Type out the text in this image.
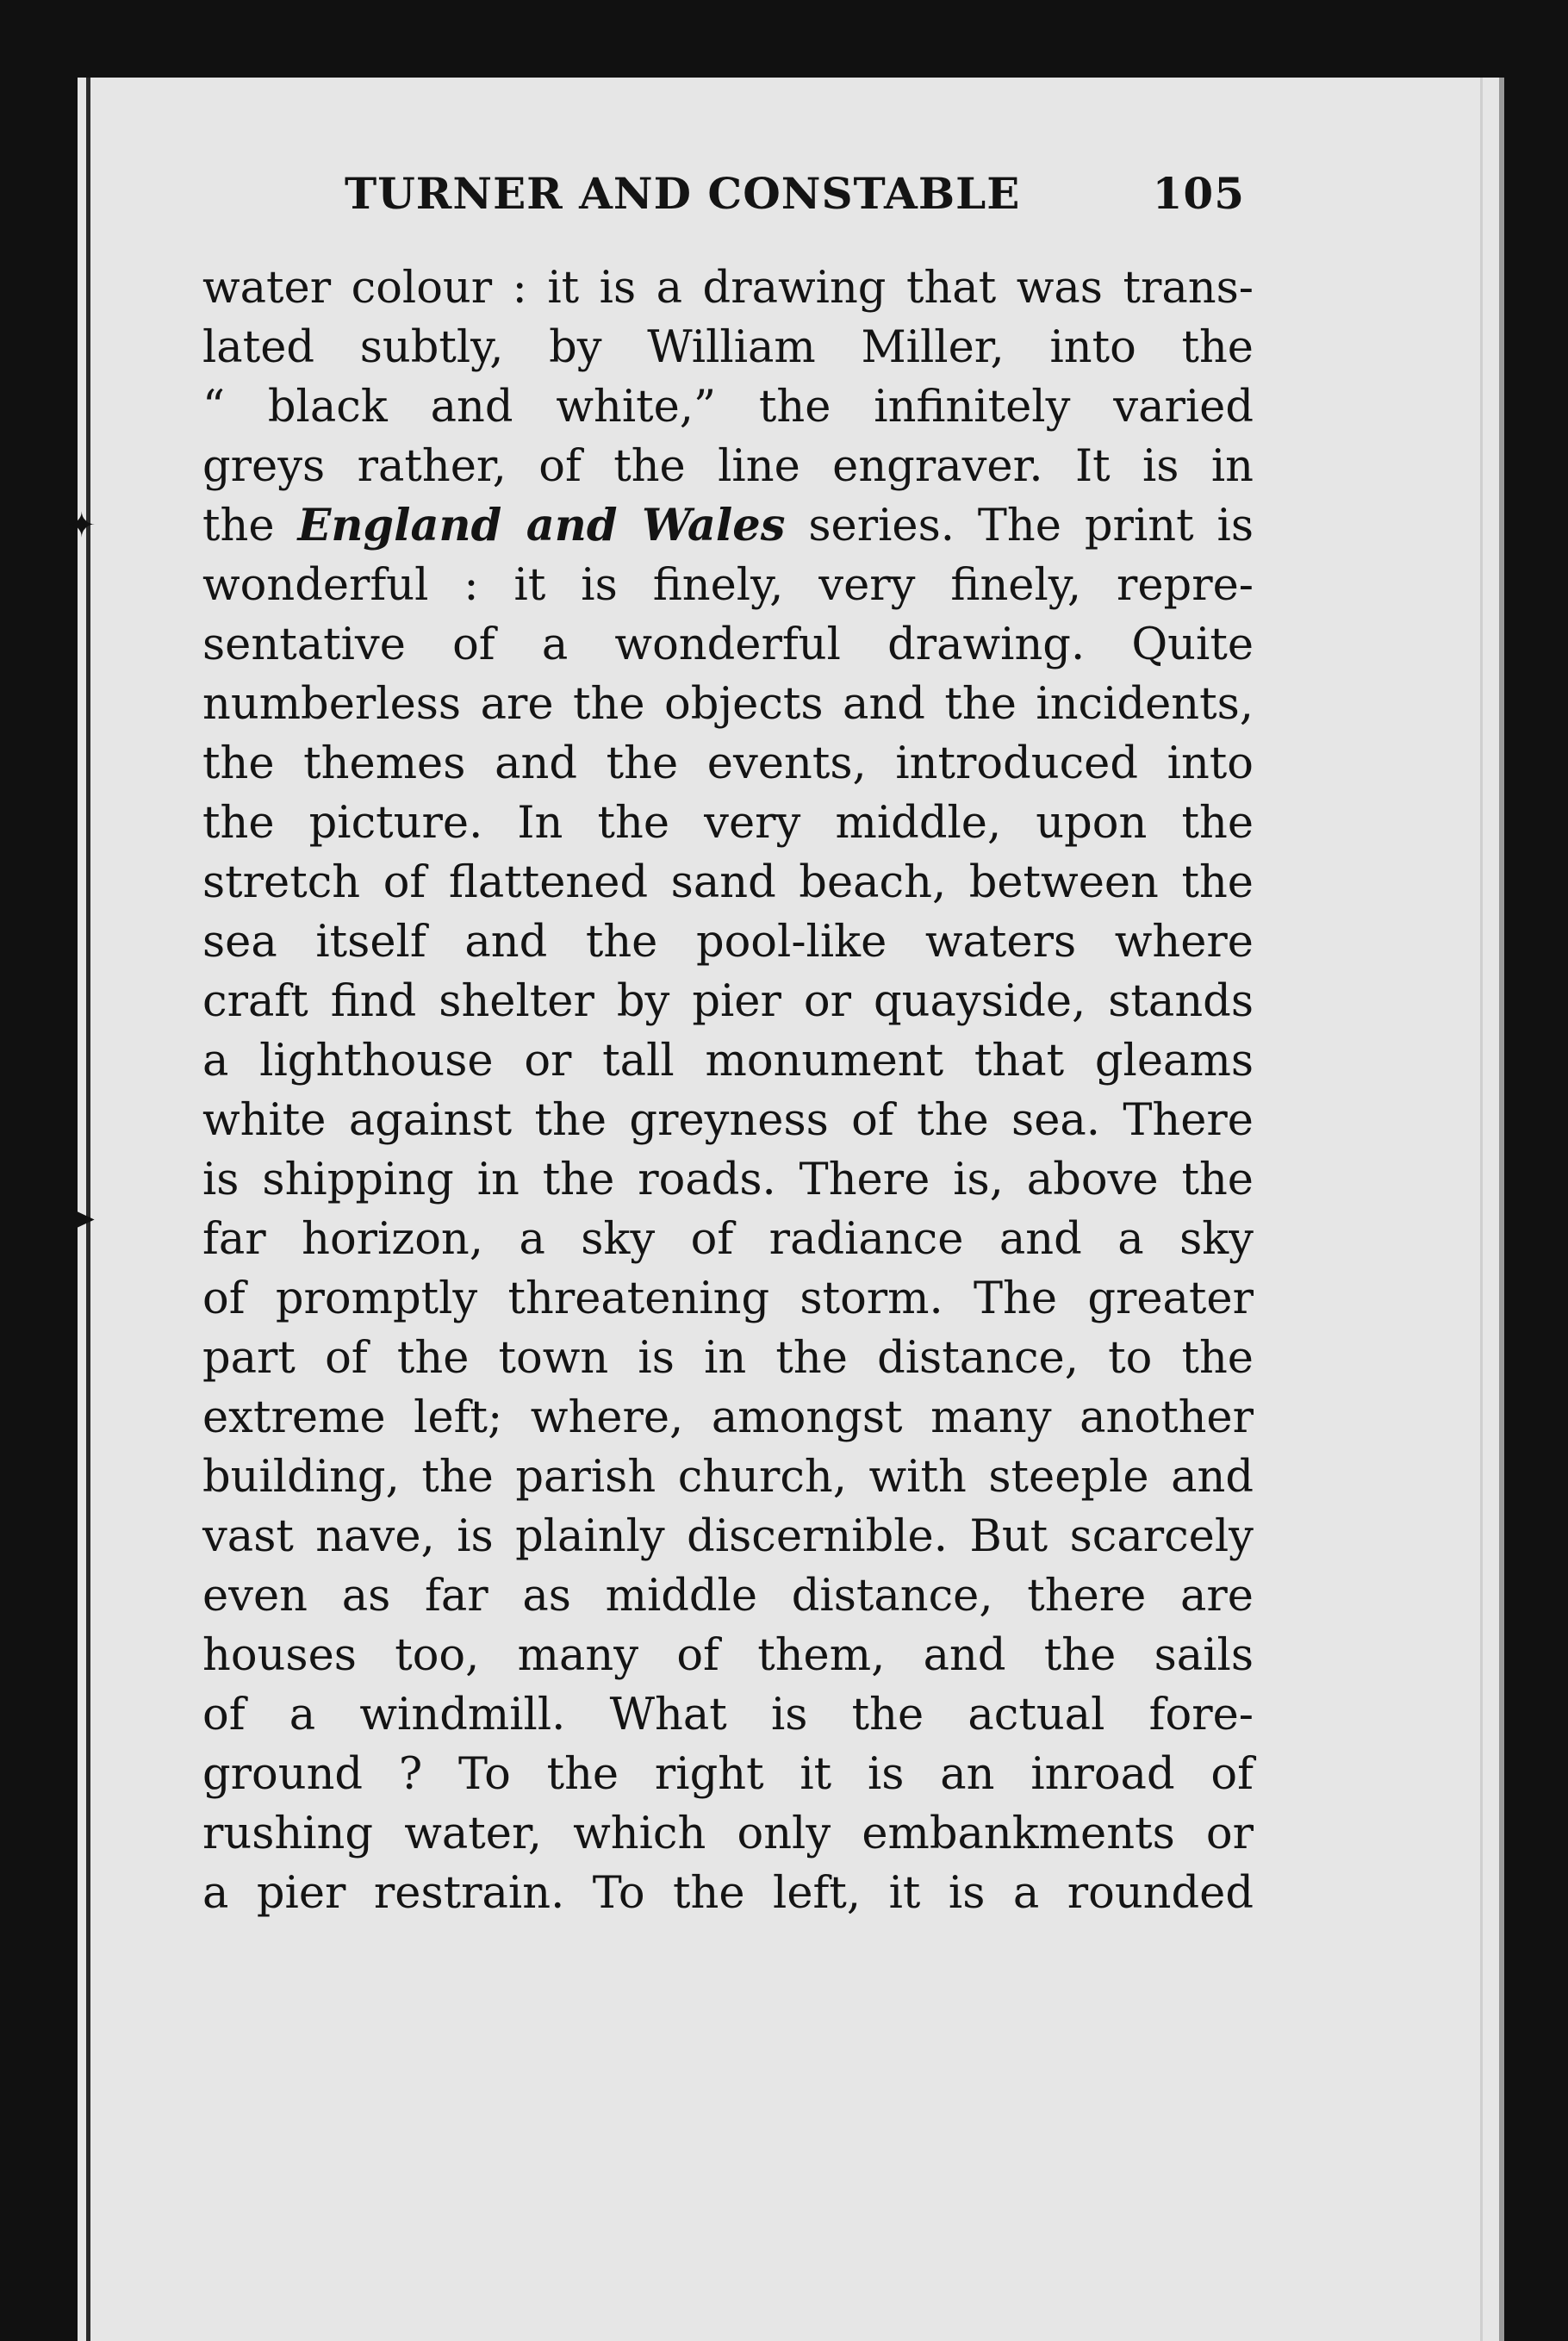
✦
➤
TURNER AND CONSTABLE	105
water colour : it is a drawing that was trans-
lated subtly, by William Miller, into the
“ black and white,” the infinitely varied
greys rather, of the line engraver. It is in
the England and Wales series. The print is
wonderful : it is finely, very finely, repre-
sentative of a wonderful drawing. Quite
numberless are the objects and the incidents,
the themes and the events, introduced into
the picture. In the very middle, upon the
stretch of flattened sand beach, between the
sea itself and the pool-like waters where
craft find shelter by pier or quayside, stands
a lighthouse or tall monument that gleams
white against the greyness of the sea. There
is shipping in the roads. There is, above the
far horizon, a sky of radiance and a sky
of promptly threatening storm. The greater
part of the town is in the distance, to the
extreme left; where, amongst many another
building, the parish church, with steeple and
vast nave, is plainly discernible. But scarcely
even as far as middle distance, there are
houses too, many of them, and the sails
of a windmill. What is the actual fore-
ground ? To the right it is an inroad of
rushing water, which only embankments or
a pier restrain. To the left, it is a rounded
